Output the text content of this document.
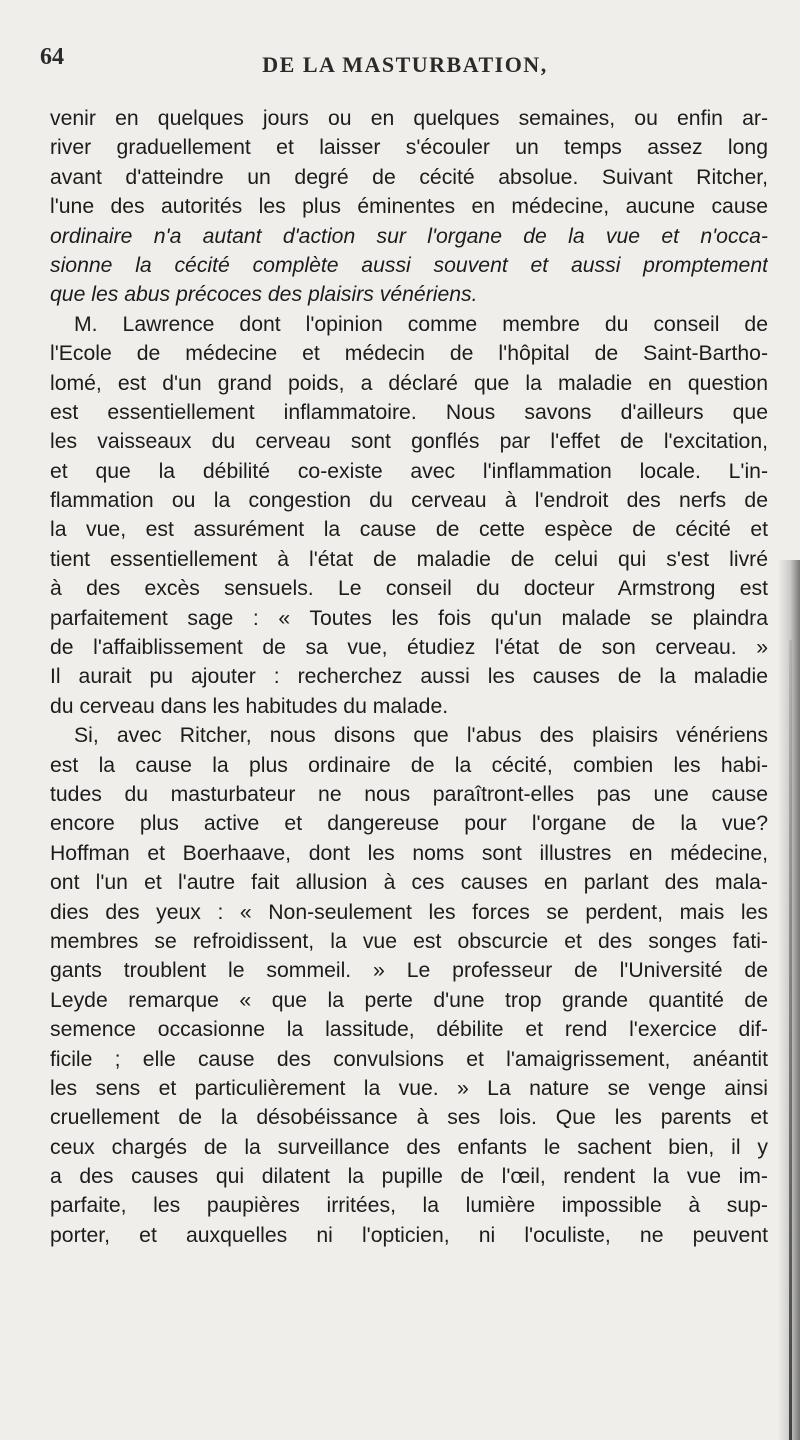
64	DE LA MASTURBATION,
venir en quelques jours ou en quelques semaines, ou enfin ar-
river graduellement et laisser s'écouler un temps assez long
avant d'atteindre un degré de cécité absolue. Suivant Ritcher,
l'une des autorités les plus éminentes en médecine, aucune cause
ordinaire n'a autant d'action sur l'organe de la vue et n'occa-
sionne la cécité complète aussi souvent et aussi promptement
que les abus précoces des plaisirs vénériens.
M. Lawrence dont l'opinion comme membre du conseil de
l'Ecole de médecine et médecin de l'hôpital de Saint-Bartho-
lomé, est d'un grand poids, a déclaré que la maladie en question
est essentiellement inflammatoire. Nous savons d'ailleurs que
les vaisseaux du cerveau sont gonflés par l'effet de l'excitation,
et que la débilité co-existe avec l'inflammation locale. L'in-
flammation ou la congestion du cerveau à l'endroit des nerfs de
la vue, est assurément la cause de cette espèce de cécité et
tient essentiellement à l'état de maladie de celui qui s'est livré
à des excès sensuels. Le conseil du docteur Armstrong est
parfaitement sage : « Toutes les fois qu'un malade se plaindra
de l'affaiblissement de sa vue, étudiez l'état de son cerveau. »
Il aurait pu ajouter : recherchez aussi les causes de la maladie
du cerveau dans les habitudes du malade.
Si, avec Ritcher, nous disons que l'abus des plaisirs vénériens
est la cause la plus ordinaire de la cécité, combien les habi-
tudes du masturbateur ne nous paraîtront-elles pas une cause
encore plus active et dangereuse pour l'organe de la vue?
Hoffman et Boerhaave, dont les noms sont illustres en médecine,
ont l'un et l'autre fait allusion à ces causes en parlant des mala-
dies des yeux : « Non-seulement les forces se perdent, mais les
membres se refroidissent, la vue est obscurcie et des songes fati-
gants troublent le sommeil. » Le professeur de l'Université de
Leyde remarque « que la perte d'une trop grande quantité de
semence occasionne la lassitude, débilite et rend l'exercice dif-
ficile ; elle cause des convulsions et l'amaigrissement, anéantit
les sens et particulièrement la vue. » La nature se venge ainsi
cruellement de la désobéissance à ses lois. Que les parents et
ceux chargés de la surveillance des enfants le sachent bien, il y
a des causes qui dilatent la pupille de l'œil, rendent la vue im-
parfaite, les paupières irritées, la lumière impossible à sup-
porter, et auxquelles ni l'opticien, ni l'oculiste, ne peuvent
